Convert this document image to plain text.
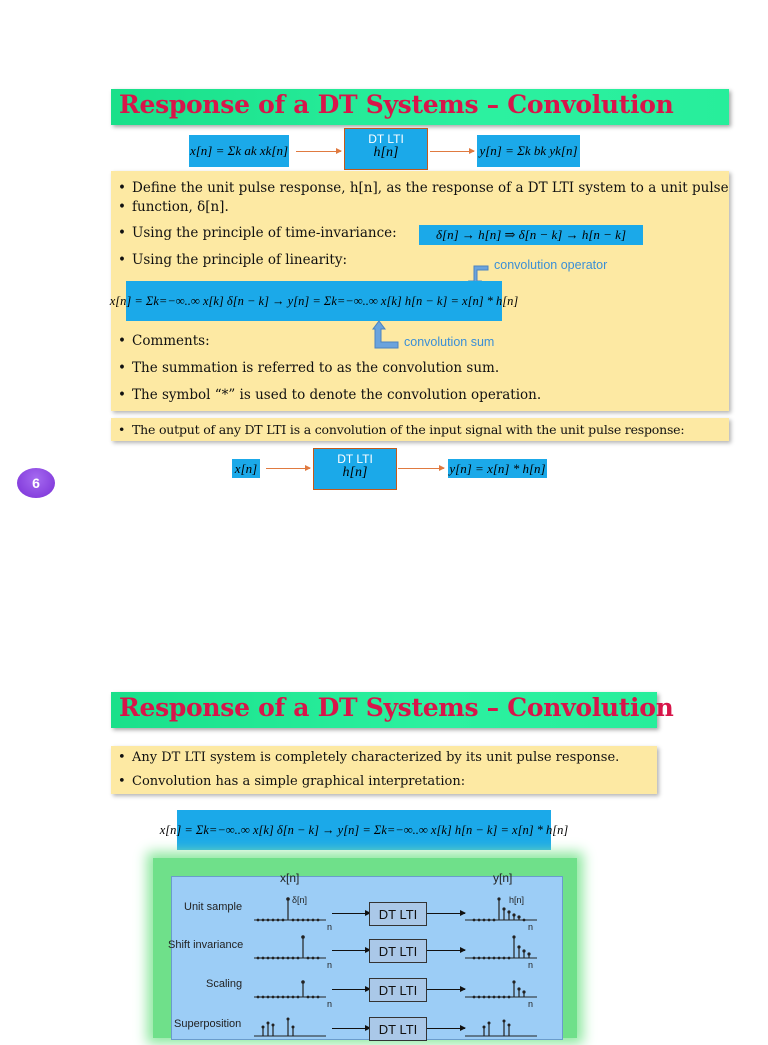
Response of a DT Systems – Convolution
x[n] = Σk ak xk[n]
DT LTI
h[n]	y[n] = Σk bk yk[n]
• Define the unit pulse response, h[n], as the response of a DT LTI system to a unit pulse
• function, δ[n].
• Using the principle of time-invariance:	δ[n] → h[n] ⇒ δ[n − k] → h[n − k]
• Using the principle of linearity:	convolution operator
x[n] = Σk=−∞..∞ x[k] δ[n − k] → y[n] = Σk=−∞..∞ x[k] h[n − k] = x[n] * h[n]
convolution sum
• Comments:
• The summation is referred to as the convolution sum.
• The symbol “*” is used to denote the convolution operation.
• The output of any DT LTI is a convolution of the input signal with the unit pulse response:
x[n]
DT LTI
h[n]	y[n] = x[n] * h[n]
6
Response of a DT Systems – Convolution
• Any DT LTI system is completely characterized by its unit pulse response.
• Convolution has a simple graphical interpretation:
x[n] = Σk=−∞..∞ x[k] δ[n − k] → y[n] = Σk=−∞..∞ x[k] h[n − k] = x[n] * h[n]
x[n]	y[n]
Unit sample
δ[n]
n
DT LTI
h[n]
n
Shift invariance
n
DT LTI
n
Scaling
n
DT LTI
n
Superposition	DT LTI
